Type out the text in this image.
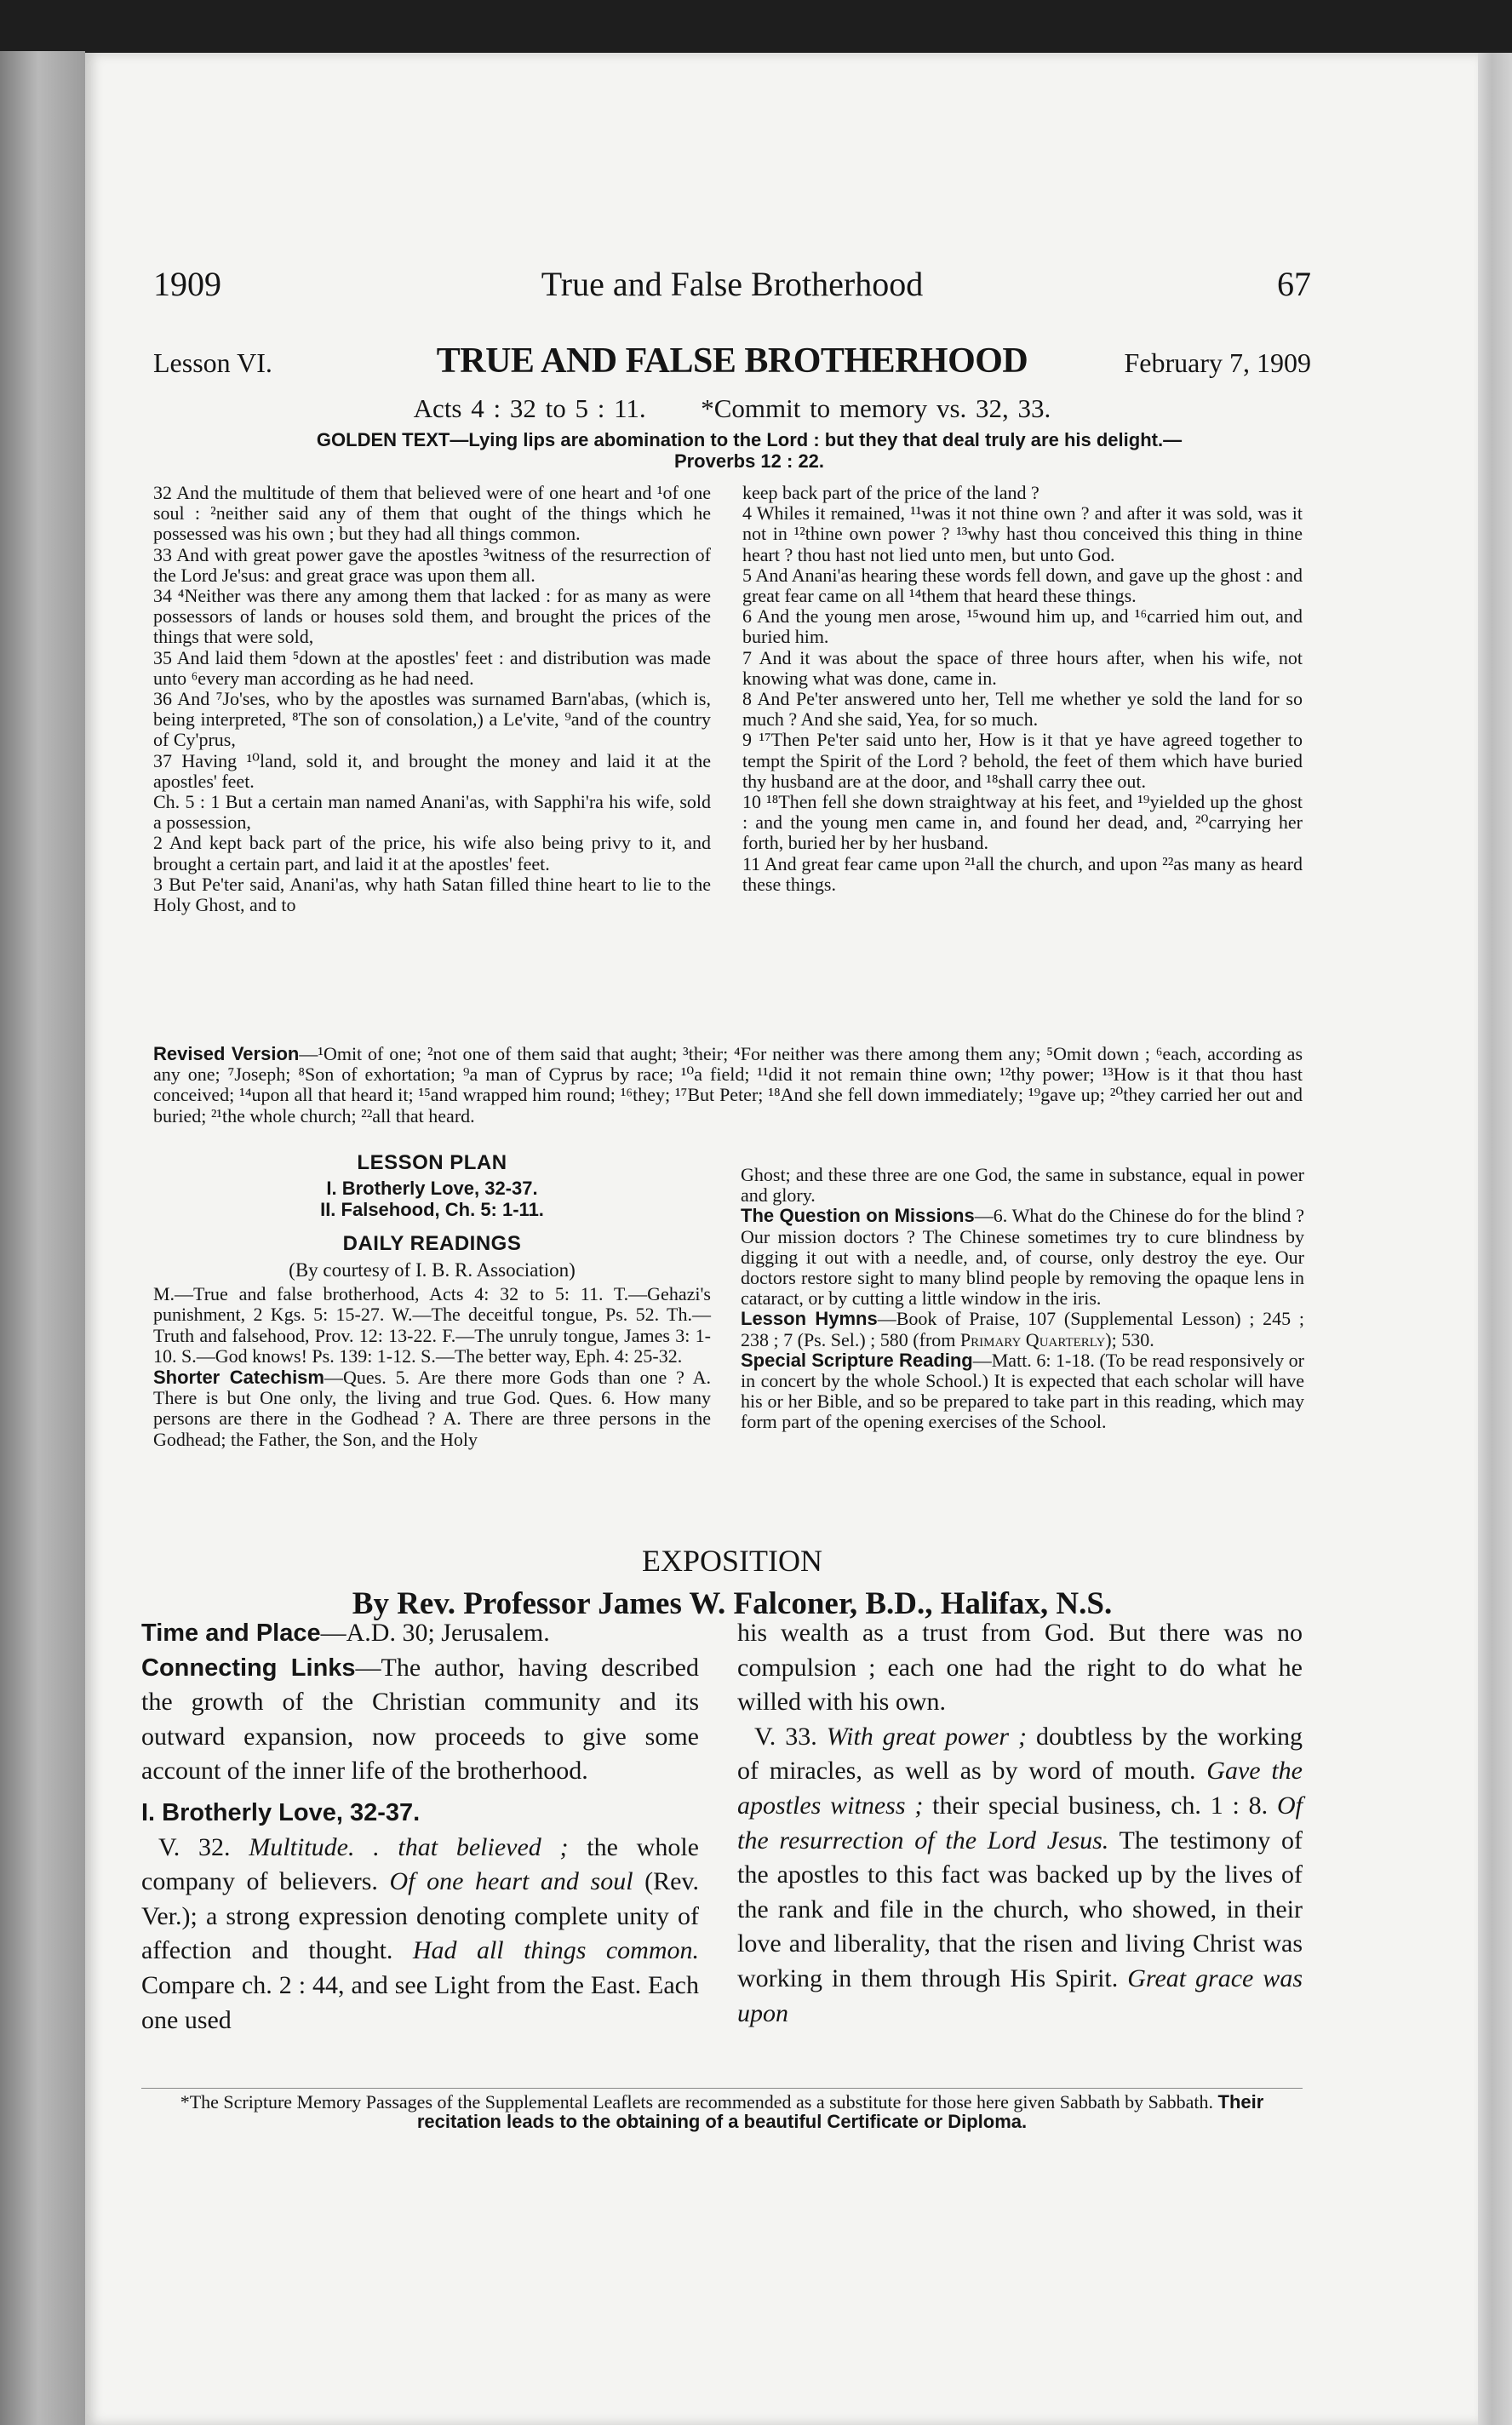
1909	True and False Brotherhood	67
Lesson VI.	TRUE AND FALSE BROTHERHOOD	February 7, 1909
Acts 4 : 32 to 5 : 11. *Commit to memory vs. 32, 33.
GOLDEN TEXT—Lying lips are abomination to the Lord : but they that deal truly are his delight.—
Proverbs 12 : 22.

32 And the multitude of them that believed were of one heart and ¹of one soul : ²neither said any of them that ought of the things which he possessed was his own ; but they had all things common.

33 And with great power gave the apostles ³witness of the resurrection of the Lord Je'sus: and great grace was upon them all.

34 ⁴Neither was there any among them that lacked : for as many as were possessors of lands or houses sold them, and brought the prices of the things that were sold,

35 And laid them ⁵down at the apostles' feet : and distribution was made unto ⁶every man according as he had need.

36 And ⁷Jo'ses, who by the apostles was surnamed Barn'abas, (which is, being interpreted, ⁸The son of consolation,) a Le'vite, ⁹and of the country of Cy'prus,

37 Having ¹⁰land, sold it, and brought the money and laid it at the apostles' feet.

Ch. 5 : 1 But a certain man named Anani'as, with Sapphi'ra his wife, sold a possession,

2 And kept back part of the price, his wife also being privy to it, and brought a certain part, and laid it at the apostles' feet.

3 But Pe'ter said, Anani'as, why hath Satan filled thine heart to lie to the Holy Ghost, and to

keep back part of the price of the land ?

4 Whiles it remained, ¹¹was it not thine own ? and after it was sold, was it not in ¹²thine own power ? ¹³why hast thou conceived this thing in thine heart ? thou hast not lied unto men, but unto God.

5 And Anani'as hearing these words fell down, and gave up the ghost : and great fear came on all ¹⁴them that heard these things.

6 And the young men arose, ¹⁵wound him up, and ¹⁶carried him out, and buried him.

7 And it was about the space of three hours after, when his wife, not knowing what was done, came in.

8 And Pe'ter answered unto her, Tell me whether ye sold the land for so much ? And she said, Yea, for so much.

9 ¹⁷Then Pe'ter said unto her, How is it that ye have agreed together to tempt the Spirit of the Lord ? behold, the feet of them which have buried thy husband are at the door, and ¹⁸shall carry thee out.

10 ¹⁸Then fell she down straightway at his feet, and ¹⁹yielded up the ghost : and the young men came in, and found her dead, and, ²⁰carrying her forth, buried her by her husband.

11 And great fear came upon ²¹all the church, and upon ²²as many as heard these things.

Revised Version—¹Omit of one; ²not one of them said that aught; ³their; ⁴For neither was there among them any; ⁵Omit down ; ⁶each, according as any one; ⁷Joseph; ⁸Son of exhortation; ⁹a man of Cyprus by race; ¹⁰a field; ¹¹did it not remain thine own; ¹²thy power; ¹³How is it that thou hast conceived; ¹⁴upon all that heard it; ¹⁵and wrapped him round; ¹⁶they; ¹⁷But Peter; ¹⁸And she fell down immediately; ¹⁹gave up; ²⁰they carried her out and buried; ²¹the whole church; ²²all that heard.
LESSON PLAN
I. Brotherly Love, 32-37.
II. Falsehood, Ch. 5: 1-11.
DAILY READINGS
(By courtesy of I. B. R. Association)

M.—True and false brotherhood, Acts 4: 32 to 5: 11. T.—Gehazi's punishment, 2 Kgs. 5: 15-27. W.—The deceitful tongue, Ps. 52. Th.—Truth and falsehood, Prov. 12: 13-22. F.—The unruly tongue, James 3: 1-10. S.—God knows! Ps. 139: 1-12. S.—The better way, Eph. 4: 25-32.

Shorter Catechism—Ques. 5. Are there more Gods than one ? A. There is but One only, the living and true God. Ques. 6. How many persons are there in the Godhead ? A. There are three persons in the Godhead; the Father, the Son, and the Holy

Ghost; and these three are one God, the same in substance, equal in power and glory.

The Question on Missions—6. What do the Chinese do for the blind ? Our mission doctors ? The Chinese sometimes try to cure blindness by digging it out with a needle, and, of course, only destroy the eye. Our doctors restore sight to many blind people by removing the opaque lens in cataract, or by cutting a little window in the iris.

Lesson Hymns—Book of Praise, 107 (Supplemental Lesson) ; 245 ; 238 ; 7 (Ps. Sel.) ; 580 (from Primary Quarterly); 530.

Special Scripture Reading—Matt. 6: 1-18. (To be read responsively or in concert by the whole School.) It is expected that each scholar will have his or her Bible, and so be prepared to take part in this reading, which may form part of the opening exercises of the School.

EXPOSITION
By Rev. Professor James W. Falconer, B.D., Halifax, N.S.

Time and Place—A.D. 30; Jerusalem.

Connecting Links—The author, having described the growth of the Christian community and its outward expansion, now proceeds to give some account of the inner life of the brotherhood.

I. Brotherly Love, 32-37.

V. 32. Multitude. . that believed ; the whole company of believers. Of one heart and soul (Rev. Ver.); a strong expression denoting complete unity of affection and thought. Had all things common. Compare ch. 2 : 44, and see Light from the East. Each one used

his wealth as a trust from God. But there was no compulsion ; each one had the right to do what he willed with his own.

V. 33. With great power ; doubtless by the working of miracles, as well as by word of mouth. Gave the apostles witness ; their special business, ch. 1 : 8. Of the resurrection of the Lord Jesus. The testimony of the apostles to this fact was backed up by the lives of the rank and file in the church, who showed, in their love and liberality, that the risen and living Christ was working in them through His Spirit. Great grace was upon

*The Scripture Memory Passages of the Supplemental Leaflets are recommended as a substitute for those here given Sabbath by Sabbath. Their recitation leads to the obtaining of a beautiful Certificate or Diploma.
